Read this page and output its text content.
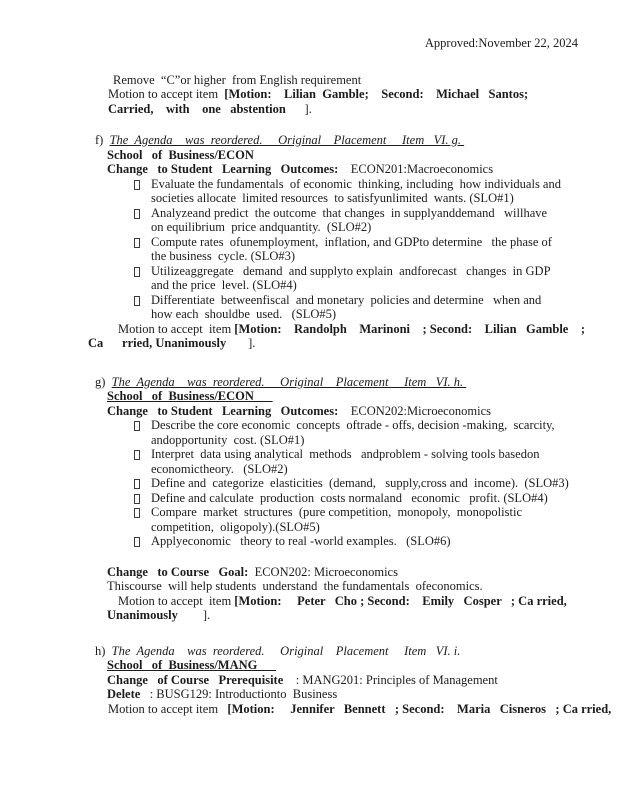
Approved:November 22, 2024
Remove  “C”or higher  from English requirement
Motion to accept item  [Motion:    Lilian  Gamble;    Second:    Michael   Santos;
Carried,    with    one   abstention      ].
f) The  Agenda    was  reordered.     Original    Placement     Item   VI. g.
School   of  Business/ECON
Change   to Student   Learning   Outcomes:    ECON201:Macroeconomics
Evaluate the fundamentals  of economic  thinking, including  how individuals and
societies allocate  limited resources  to satisfyunlimited  wants. (SLO#1)
Analyzeand predict  the outcome  that changes  in supplyanddemand   willhave
on equilibrium  price andquantity.  (SLO#2)
Compute rates  ofunemployment,  inflation, and GDPto determine   the phase of
the business  cycle. (SLO#3)
Utilizeaggregate   demand  and supplyto explain  andforecast   changes  in GDP
and the price  level. (SLO#4)
Differentiate  betweenfiscal  and monetary  policies and determine   when and
how each  shouldbe  used.   (SLO#5)
Motion to accept  item [Motion:    Randolph    Marinoni    ; Second:    Lilian   Gamble    ;
Ca      rried, Unanimously       ].
g) The  Agenda    was  reordered.     Original    Placement     Item   VI. h.
School   of  Business/ECON
Change   to Student   Learning   Outcomes:    ECON202:Microeconomics
Describe the core economic  concepts  oftrade - offs, decision -making,  scarcity,
andopportunity  cost. (SLO#1)
Interpret  data using analytical  methods   andproblem - solving tools basedon
economictheory.   (SLO#2)
Define and  categorize  elasticities  (demand,   supply,cross and  income).  (SLO#3)
Define and calculate  production  costs normaland   economic   profit. (SLO#4)
Compare  market  structures  (pure competition,  monopoly,  monopolistic
competition,  oligopoly).(SLO#5)
Applyeconomic   theory to real -world examples.   (SLO#6)
Change   to Course   Goal:  ECON202: Microeconomics
Thiscourse  will help students  understand  the fundamentals  ofeconomics.
Motion to accept  item [Motion:     Peter   Cho ; Second:    Emily   Cosper   ; Ca rried,
Unanimously        ].
h) The  Agenda    was  reordered.     Original    Placement     Item   VI. i.
School   of  Business/MANG
Change   of Course   Prerequisite    : MANG201: Principles of Management
Delete   : BUSG129: Introductionto  Business
Motion to accept item   [Motion:     Jennifer   Bennett   ; Second:    Maria   Cisneros   ; Ca rried,
